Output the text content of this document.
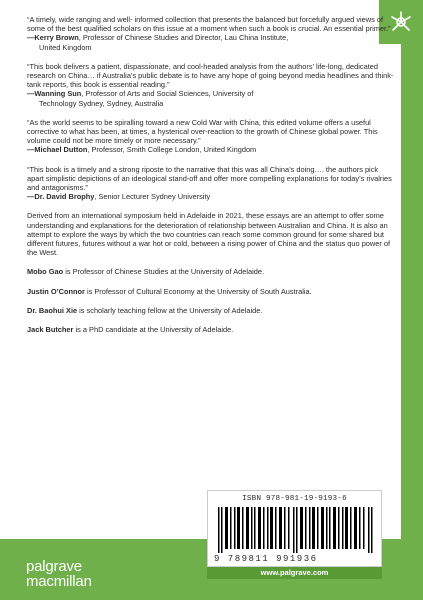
“A timely, wide ranging and well- informed collection that presents the balanced but forcefully argued views of some of the best qualified scholars on this issue at a moment when such a book is crucial. An essential primer.”
—Kerry Brown, Professor of Chinese Studies and Director, Lau China Institute,
United Kingdom
“This book delivers a patient, dispassionate, and cool-headed analysis from the authors’ life-long, dedicated research on China… if Australia’s public debate is to have any hope of going beyond media headlines and think-tank reports, this book is essential reading.”
—Wanning Sun, Professor of Arts and Social Sciences, University of
Technology Sydney, Sydney, Australia
“As the world seems to be spiralling toward a new Cold War with China, this edited volume offers a useful corrective to what has been, at times, a hysterical over-reaction to the growth of Chinese global power. This volume could not be more timely or more necessary.”
—Michael Dutton, Professor, Smith College London, United Kingdom
“This book is a timely and a strong riposte to the narrative that this was all China’s doing…. the authors pick apart simplistic depictions of an ideological stand-off and offer more compelling explanations for today’s rivalries and antagonisms.”
—Dr. David Brophy, Senior Lecturer Sydney University
Derived from an international symposium held in Adelaide in 2021, these essays are an attempt to offer some understanding and explanations for the deterioration of relationship between Australian and China. It is also an attempt to explore the ways by which the two countries can reach some common ground for some shared but different futures, futures without a war hot or cold, between a rising power of China and the status quo power of the West.
Mobo Gao is Professor of Chinese Studies at the University of Adelaide.
Justin O’Connor is Professor of Cultural Economy at the University of South Australia.
Dr. Baohui Xie is scholarly teaching fellow at the University of Adelaide.
Jack Butcher is a PhD candidate at the University of Adelaide.
palgrave
macmillan
ISBN 978-981-19-9193-6
9 789811 991936
www.palgrave.com
